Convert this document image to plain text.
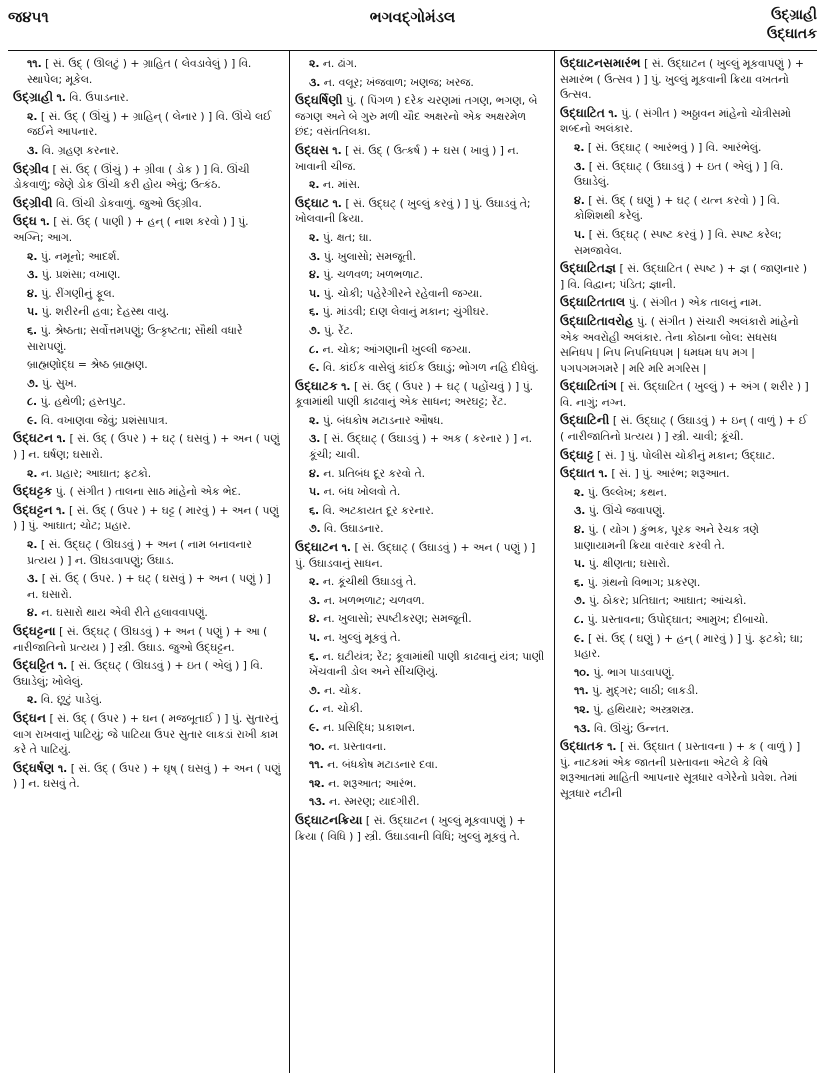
જ૪૫૧	ભગવદ્ગોમંડલ	ઉદ્ગ્રાહી
ઉદ્ઘાતક

૧૧. [ સં. ઉદ્ ( ઊલટું ) + ગ્રાહિત ( લેવડાવેલું ) ] વિ. સ્થાપેલ; મૂકેલ.

ઉદ્ગ્રાહી ૧. વિ. ઉપાડનાર.

૨. [ સં. ઉદ્ ( ઊંચું ) + ગ્રાહિન્ ( લેનાર ) ] વિ. ઊંચે લઈ જઈને આપનાર.

૩. વિ. ગ્રહણ કરનાર.

ઉદ્ગ્રીવ [ સં. ઉદ્ ( ઊંચું ) + ગ્રીવા ( ડોક ) ] વિ. ઊંચી ડોકવાળું; જેણે ડોક ઊંચી કરી હોય એવું; ઉત્કંઠ.

ઉદ્ગ્રીવી વિ. ઊંચી ડોકવાળું. જુઓ ઉદ્ગ્રીવ.

ઉદ્ઘ ૧. [ સં. ઉદ્ ( પાણી ) + હન્ ( નાશ કરવો ) ] પું. અગ્નિ; આગ.

૨. પું. નમૂનો; આદર્શ.

૩. પું. પ્રશંસા; વખાણ.

૪. પું. રીંગણીનું ફૂલ.

૫. પું. શરીરની હવા; દેહસ્થ વાયુ.

૬. પું. શ્રેષ્ઠતા; સર્વોત્તમપણું; ઉત્કૃષ્ટતા; સૌથી વધારે સારાપણું.

બ્રાહ્મણોદ્ઘ = શ્રેષ્ઠ બ્રાહ્મણ.

૭. પું. સુખ.

૮. પું. હથેળી; હસ્તપુટ.

૯. વિ. વખાણવા જેવું; પ્રશંસાપાત્ર.

ઉદ્ઘટન ૧. [ સં. ઉદ્ ( ઉપર ) + ઘટ્ ( ઘસવું ) + અન ( પણું ) ] ન. ઘર્ષણ; ઘસારો.

૨. ન. પ્રહાર; આઘાત; ફટકો.

ઉદ્ઘટ્ટક પું. ( સંગીત ) તાલના સાઠ માંહેનો એક ભેદ.

ઉદ્ઘટ્ટન ૧. [ સં. ઉદ્ ( ઉપર ) + ઘટ્ટ ( મારવું ) + અન ( પણું ) ] પું. આઘાત; ચોટ; પ્રહાર.

૨. [ સં. ઉદ્ઘટ્ ( ઊઘડવું ) + અન ( નામ બનાવનાર પ્રત્યય ) ] ન. ઊઘડવાપણું; ઉઘાડ.

૩. [ સં. ઉદ્ ( ઉપર. ) + ઘટ્ ( ઘસવું ) + અન ( પણું ) ] ન. ઘસારો.

૪. ન. ઘસારો થાય એવી રીતે હલાવવાપણું.

ઉદ્ઘટ્ટના [ સં. ઉદ્ઘટ્ ( ઊઘડવું ) + અન ( પણું ) + આ ( નારીજાતિનો પ્રત્યય ) ] સ્ત્રી. ઉઘાડ. જુઓ ઉદ્ઘટ્ટન.

ઉદ્ઘટ્ટિત ૧. [ સં. ઉદ્ઘટ્ ( ઊઘડવું ) + ઇત ( એલું ) ] વિ. ઉઘાડેલું; ખોલેલું.

૨. વિ. છૂટું પાડેલું.

ઉદ્ઘન [ સં. ઉદ્ ( ઉપર ) + ઘન ( મજબૂતાઈ ) ] પું. સુતારનું લાગ રાખવાનું પાટિયું; જે પાટિયા ઉપર સુતાર લાકડાં રાખી કામ કરે તે પાટિયું.

ઉદ્ઘર્ષણ ૧. [ સં. ઉદ્ ( ઉપર ) + ઘૃષ્ ( ઘસવું ) + અન ( પણું ) ] ન. ઘસવું તે.

૨. ન. ઢાંગ.

૩. ન. વલૂર; ખંજવાળ; ખણજ; ખરજ.

ઉદ્ઘર્ષિણી પું. ( પિંગળ ) દરેક ચરણમાં તગણ, ભગણ, બે જગણ અને બે ગુરુ મળી ચૌદ અક્ષરનો એક અક્ષરમેળ છંદ; વસંતતિલકા.

ઉદ્ઘસ ૧. [ સં. ઉદ્ ( ઉત્કર્ષ ) + ઘસ ( ખાવું ) ] ન. ખાવાની ચીજ.

૨. ન. માંસ.

ઉદ્ઘાટ ૧. [ સં. ઉદ્ઘટ્ ( ખુલ્લું કરવું ) ] પું. ઉઘાડવું તે; ખોલવાની ક્રિયા.

૨. પું. ક્ષત; ઘા.

૩. પું. ખુલાસો; સમજૂતી.

૪. પું. ચળવળ; ખળભળાટ.

૫. પું. ચોકી; પહેરેગીરને રહેવાની જગ્યા.

૬. પું. માંડવી; દાણ લેવાનું મકાન; ચુંગીઘર.

૭. પું. રેંટ.

૮. ન. ચોક; આંગણાની ખુલ્લી જગ્યા.

૯. વિ. કાંઈક વાસેલું કાંઈક ઉઘાડું; ભોગળ નહિ દીધેલું.

ઉદ્ઘાટક ૧. [ સં. ઉદ્ ( ઉપર ) + ઘટ્ ( પહોંચવું ) ] પું. કૂવામાંથી પાણી કાઢવાનું એક સાધન; અરઘટ્ટ; રેંટ.

૨. પું. બંધકોષ મટાડનાર ઔષધ.

૩. [ સં. ઉદ્ઘાટ્ ( ઉઘાડવું ) + અક ( કરનાર ) ] ન. કૂંચી; ચાવી.

૪. ન. પ્રતિબંધ દૂર કરવો તે.

૫. ન. બંધ ખોલવો તે.

૬. વિ. અટકાયત દૂર કરનાર.

૭. વિ. ઉઘાડનાર.

ઉદ્ઘાટન ૧. [ સં. ઉદ્ઘાટ્ ( ઉઘાડવું ) + અન ( પણું ) ] પું. ઉઘાડવાનું સાધન.

૨. ન. કૂંચીથી ઉઘાડવું તે.

૩. ન. ખળભળાટ; ચળવળ.

૪. ન. ખુલાસો; સ્પષ્ટીકરણ; સમજૂતી.

૫. ન. ખુલ્લું મૂકવું તે.

૬. ન. ઘટીયંત્ર; રેંટ; કૂવામાંથી પાણી કાઢવાનું યંત્ર; પાણી ખેંચવાની ડોલ અને સીંચણિયું.

૭. ન. ચોક.

૮. ન. ચોકી.

૯. ન. પ્રસિદ્ધિ; પ્રકાશન.

૧૦. ન. પ્રસ્તાવના.

૧૧. ન. બંધકોષ મટાડનાર દવા.

૧૨. ન. શરૂઆત; આરંભ.

૧૩. ન. સ્મરણ; યાદગીરી.

ઉદ્ઘાટનક્રિયા [ સં. ઉદ્ઘાટન ( ખુલ્લું મૂકવાપણું ) + ક્રિયા ( વિધિ ) ] સ્ત્રી. ઉઘાડવાની વિધિ; ખુલ્લું મૂકવું તે.

ઉદ્ઘાટનસમારંભ [ સં. ઉદ્ઘાટન ( ખુલ્લું મૂકવાપણું ) + સમારંભ ( ઉત્સવ ) ] પું. ખુલ્લું મૂકવાની ક્રિયા વખતનો ઉત્સવ.

ઉદ્ઘાટિત ૧. પું. ( સંગીત ) અઠ્ઠાવન માંહેનો ચોત્રીસમો શબ્દનો અલંકાર.

૨. [ સં. ઉદ્ઘાટ્ ( આરંભવું ) ] વિ. આરંભેલું.

૩. [ સં. ઉદ્ઘાટ્ ( ઉઘાડવું ) + ઇત ( એલું ) ] વિ. ઉઘાડેલું.

૪. [ સં. ઉદ્ ( ઘણું ) + ઘટ્ ( યત્ન કરવો ) ] વિ. કોશિશથી કરેલું.

૫. [ સં. ઉદ્ઘટ્ ( સ્પષ્ટ કરવું ) ] વિ. સ્પષ્ટ કરેલ; સમજાવેલ.

ઉદ્ઘાટિતજ્ઞ [ સં. ઉદ્ઘાટિત ( સ્પષ્ટ ) + જ્ઞ ( જાણનાર ) ] વિ. વિદ્વાન; પંડિત; જ્ઞાની.

ઉદ્ઘાટિતતાલ પું. ( સંગીત ) એક તાલનું નામ.

ઉદ્ઘાટિતાવરોહ પું. ( સંગીત ) સંચારી અલંકારો માંહેનો એક અવરોહી અલંકાર. તેના કોઠાના બોલ: સધસધ સનિધપ | નિપ નિપનિધપમ | ધમધમ ધપ મગ | પગપગમગમરે | મરિ મરિ મગરિસ |

ઉદ્ઘાટિતાંગ [ સં. ઉદ્ઘાટિત ( ખુલ્લું ) + અંગ ( શરીર ) ] વિ. નાગું; નગ્ન.

ઉદ્ઘાટિની [ સં. ઉદ્ઘાટ્ ( ઉઘાડવું ) + ઇન્ ( વાળું ) + ઈ ( નારીજાતિનો પ્રત્યય ) ] સ્ત્રી. ચાવી; કૂંચી.

ઉદ્ઘાટ્ટ [ સં. ] પું. પોલીસ ચોકીનું મકાન; ઉદ્ઘાટ.

ઉદ્ઘાત ૧. [ સં. ] પું. આરંભ; શરૂઆત.

૨. પું. ઉલ્લેખ; કથન.

૩. પું. ઊંચે જવાપણું.

૪. પું. ( યોગ ) કુંભક, પૂરક અને રેચક ત્રણે પ્રાણાયામની ક્રિયા વારંવાર કરવી તે.

૫. પું. ક્ષીણતા; ઘસારો.

૬. પું. ગ્રંથનો વિભાગ; પ્રકરણ.

૭. પું. ઠોકર; પ્રતિઘાત; આઘાત; આંચકો.

૮. પું. પ્રસ્તાવના; ઉપોદ્ઘાત; આમુખ; દીબાચો.

૯. [ સં. ઉદ્ ( ઘણું ) + હન્ ( મારવું ) ] પું. ફટકો; ઘા; પ્રહાર.

૧૦. પું. ભાગ પાડવાપણું.

૧૧. પું. મુદ્ગર; લાઠી; લાકડી.

૧૨. પું. હથિયાર; અસ્ત્રશસ્ત્ર.

૧૩. વિ. ઊંચું; ઉન્નત.

ઉદ્ઘાતક ૧. [ સં. ઉદ્ઘાત ( પ્રસ્તાવના ) + ક ( વાળું ) ] પું. નાટકમાં એક જાતની પ્રસ્તાવના એટલે કે વિષે શરૂઆતમાં માહિતી આપનાર સૂત્રધાર વગેરેનો પ્રવેશ. તેમાં સૂત્રધાર નટીની
